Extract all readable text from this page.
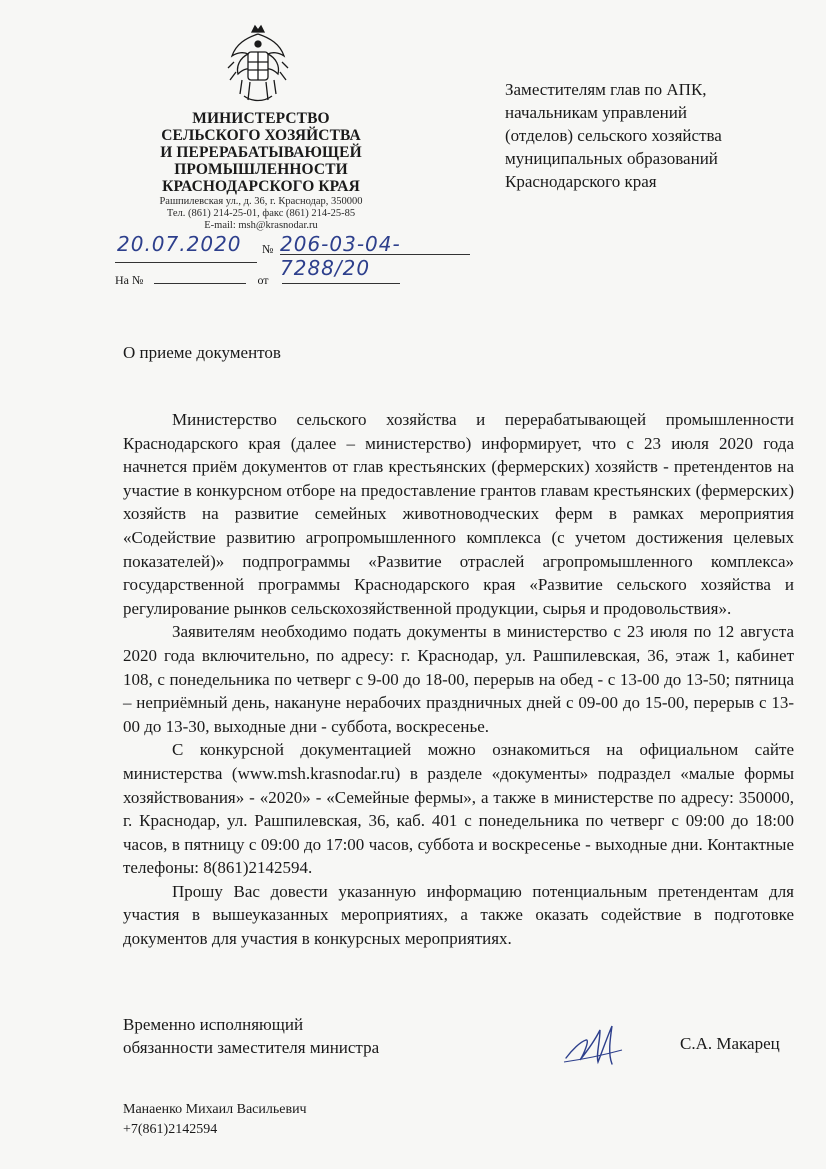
МИНИСТЕРСТВО
СЕЛЬСКОГО ХОЗЯЙСТВА
И ПЕРЕРАБАТЫВАЮЩЕЙ
ПРОМЫШЛЕННОСТИ
КРАСНОДАРСКОГО КРАЯ
Рашпилевская ул., д. 36, г. Краснодар, 350000
Тел. (861) 214-25-01, факс (861) 214-25-85
E-mail: msh@krasnodar.ru
20.07.2020 № 206-03-04-7288/20
На №	от
Заместителям глав по АПК,
начальникам управлений
(отделов) сельского хозяйства
муниципальных образований
Краснодарского края
О приеме документов

Министерство сельского хозяйства и перерабатывающей промышленности Краснодарского края (далее – министерство) информирует, что с 23 июля 2020 года начнется приём документов от глав крестьянских (фермерских) хозяйств - претендентов на участие в конкурсном отборе на предоставление грантов главам крестьянских (фермерских) хозяйств на развитие семейных животноводческих ферм в рамках мероприятия «Содействие развитию агропромышленного комплекса (с учетом достижения целевых показателей)» подпрограммы «Развитие отраслей агропромышленного комплекса» государственной программы Краснодарского края «Развитие сельского хозяйства и регулирование рынков сельскохозяйственной продукции, сырья и продовольствия».

Заявителям необходимо подать документы в министерство с 23 июля по 12 августа 2020 года включительно, по адресу: г. Краснодар, ул. Рашпилевская, 36, этаж 1, кабинет 108, с понедельника по четверг с 9-00 до 18-00, перерыв на обед - с 13-00 до 13-50; пятница – неприёмный день, накануне нерабочих праздничных дней с 09-00 до 15-00, перерыв с 13-00 до 13-30, выходные дни - суббота, воскресенье.

С конкурсной документацией можно ознакомиться на официальном сайте министерства (www.msh.krasnodar.ru) в разделе «документы» подраздел «малые формы хозяйствования» - «2020» - «Семейные фермы», а также в министерстве по адресу: 350000, г. Краснодар, ул. Рашпилевская, 36, каб. 401 с понедельника по четверг с 09:00 до 18:00 часов, в пятницу с 09:00 до 17:00 часов, суббота и воскресенье - выходные дни. Контактные телефоны: 8(861)2142594.

Прошу Вас довести указанную информацию потенциальным претендентам для участия в вышеуказанных мероприятиях, а также оказать содействие в подготовке документов для участия в конкурсных мероприятиях.

Временно исполняющий
обязанности заместителя министра	С.А. Макарец
Манаенко Михаил Васильевич
+7(861)2142594
